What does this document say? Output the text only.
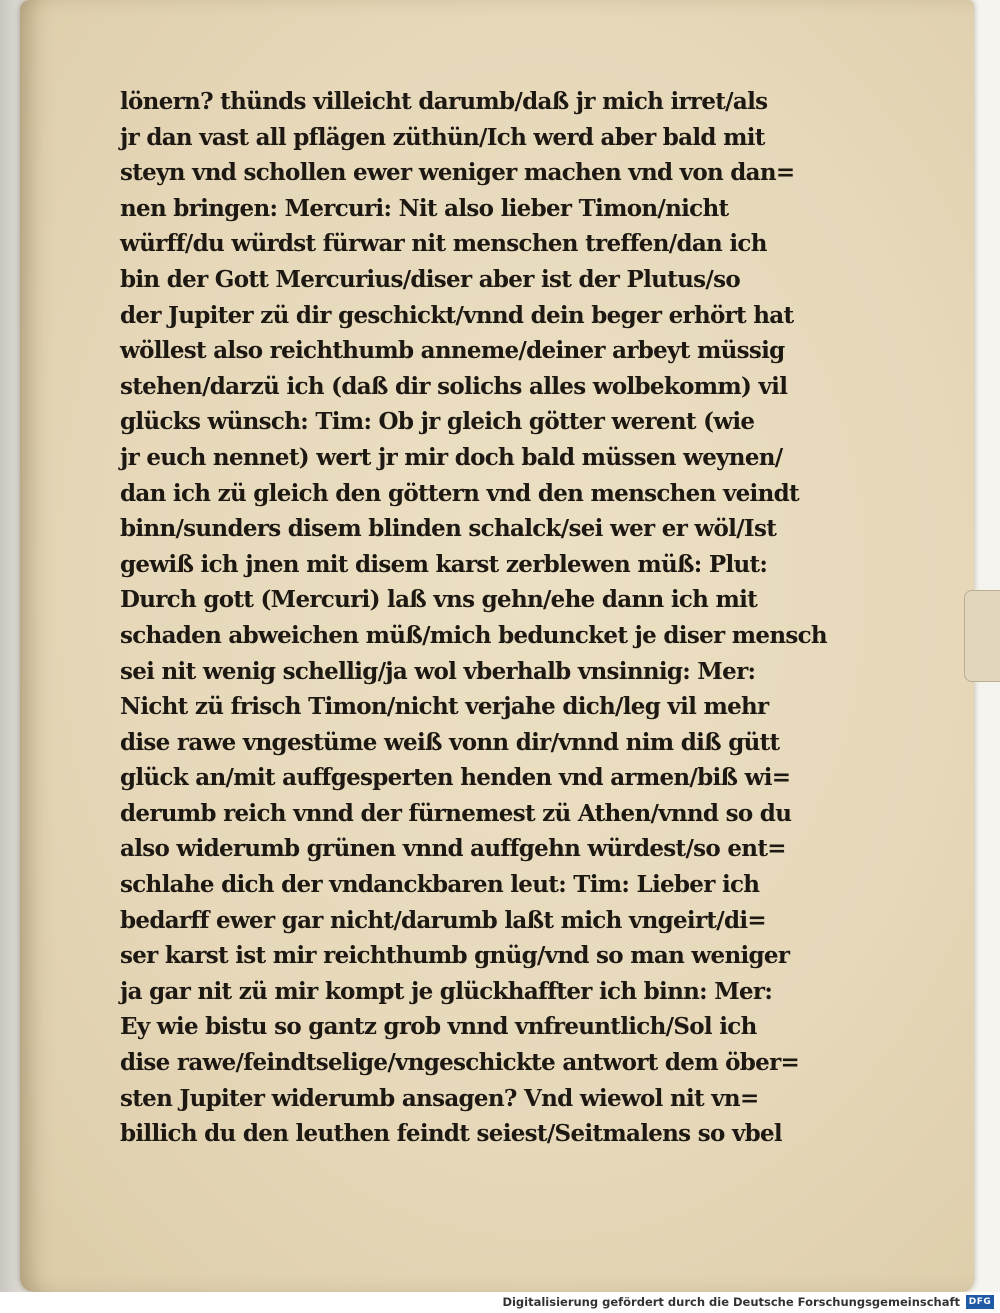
lönern? thünds villeicht darumb/daß jr mich irret/als
jr dan vast all pflägen züthün/Ich werd aber bald mit
steyn vnd schollen ewer weniger machen vnd von dan=
nen bringen: Mercuri: Nit also lieber Timon/nicht
würff/du würdst fürwar nit menschen treffen/dan ich
bin der Gott Mercurius/diser aber ist der Plutus/so
der Jupiter zü dir geschickt/vnnd dein beger erhört hat
wöllest also reichthumb anneme/deiner arbeyt müssig
stehen/darzü ich (daß dir solichs alles wolbekomm) vil
glücks wünsch: Tim: Ob jr gleich götter werent (wie
jr euch nennet) wert jr mir doch bald müssen weynen/
dan ich zü gleich den göttern vnd den menschen veindt
binn/sunders disem blinden schalck/sei wer er wöl/Ist
gewiß ich jnen mit disem karst zerblewen müß: Plut:
Durch gott (Mercuri) laß vns gehn/ehe dann ich mit
schaden abweichen müß/mich beduncket je diser mensch
sei nit wenig schellig/ja wol vberhalb vnsinnig: Mer:
Nicht zü frisch Timon/nicht verjahe dich/leg vil mehr
dise rawe vngestüme weiß vonn dir/vnnd nim diß gütt
glück an/mit auffgesperten henden vnd armen/biß wi=
derumb reich vnnd der fürnemest zü Athen/vnnd so du
also widerumb grünen vnnd auffgehn würdest/so ent=
schlahe dich der vndanckbaren leut: Tim: Lieber ich
bedarff ewer gar nicht/darumb laßt mich vngeirt/di=
ser karst ist mir reichthumb gnüg/vnd so man weniger
ja gar nit zü mir kompt je glückhaffter ich binn: Mer:
Ey wie bistu so gantz grob vnnd vnfreuntlich/Sol ich
dise rawe/feindtselige/vngeschickte antwort dem öber=
sten Jupiter widerumb ansagen? Vnd wiewol nit vn=
billich du den leuthen feindt seiest/Seitmalens so vbel
Digitalisierung gefördert durch die Deutsche Forschungsgemeinschaft DFG
